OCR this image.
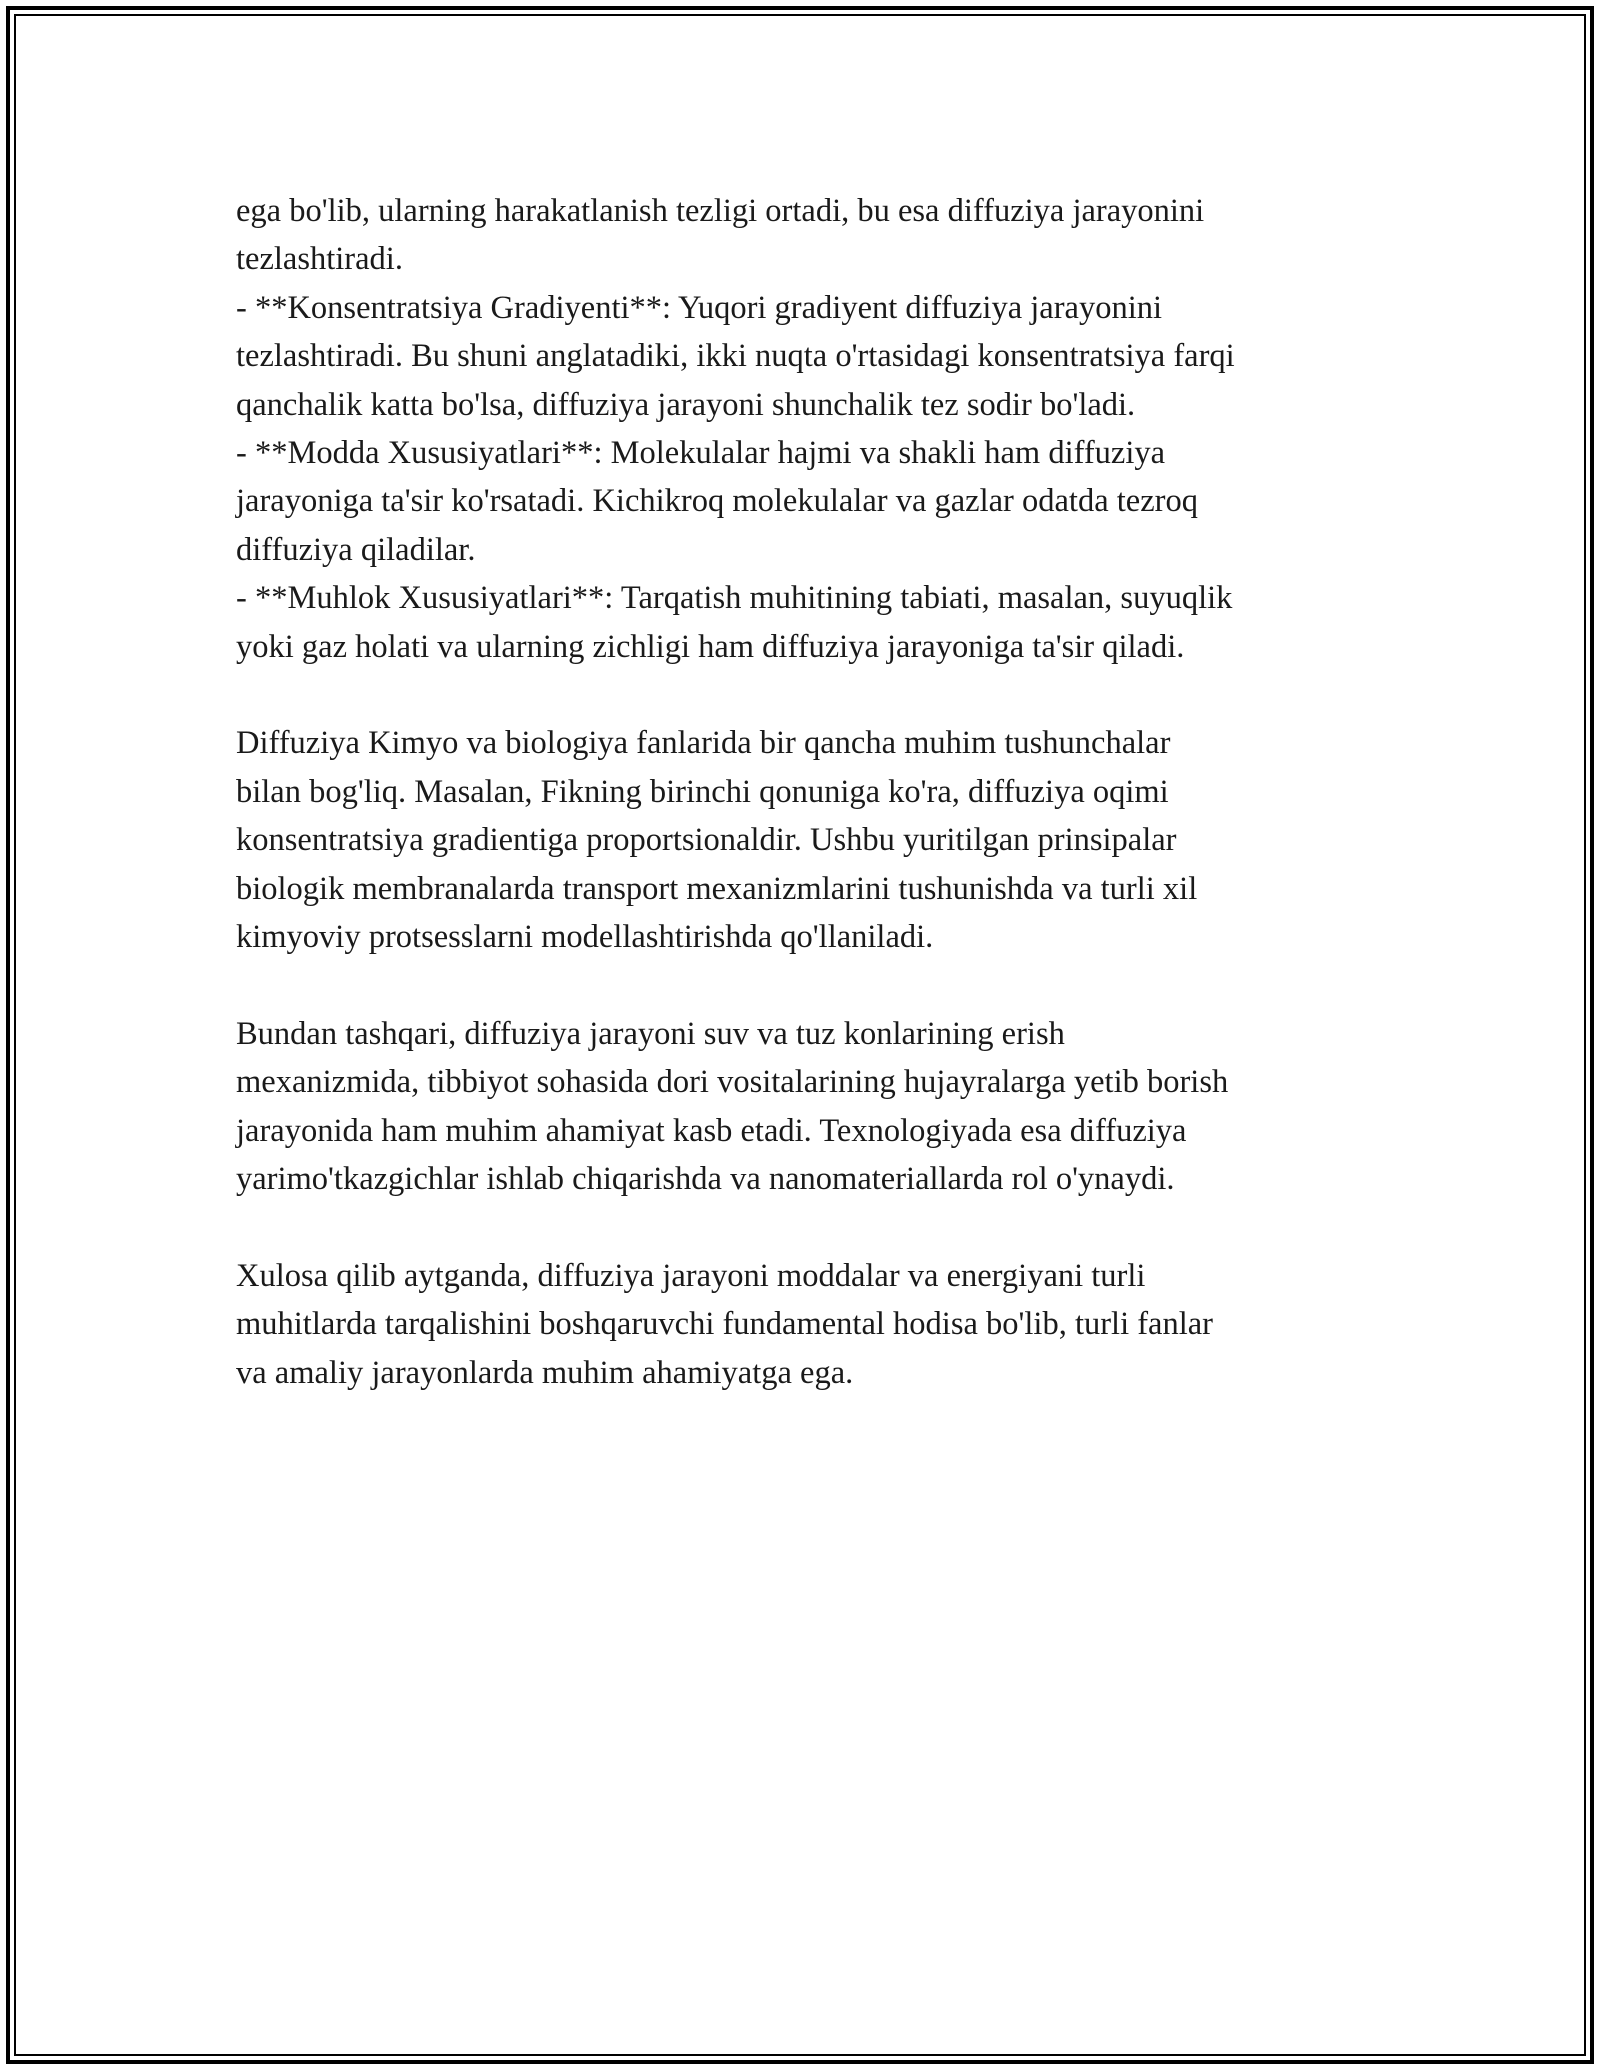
ega bo'lib, ularning harakatlanish tezligi ortadi, bu esa diffuziya jarayonini
tezlashtiradi.
- **Konsentratsiya Gradiyenti**: Yuqori gradiyent diffuziya jarayonini
tezlashtiradi. Bu shuni anglatadiki, ikki nuqta o'rtasidagi konsentratsiya farqi
qanchalik katta bo'lsa, diffuziya jarayoni shunchalik tez sodir bo'ladi.
- **Modda Xususiyatlari**: Molekulalar hajmi va shakli ham diffuziya
jarayoniga ta'sir ko'rsatadi. Kichikroq molekulalar va gazlar odatda tezroq
diffuziya qiladilar.
- **Muhlok Xususiyatlari**: Tarqatish muhitining tabiati, masalan, suyuqlik
yoki gaz holati va ularning zichligi ham diffuziya jarayoniga ta'sir qiladi.
Diffuziya Kimyo va biologiya fanlarida bir qancha muhim tushunchalar
bilan bog'liq. Masalan, Fikning birinchi qonuniga ko'ra, diffuziya oqimi
konsentratsiya gradientiga proportsionaldir. Ushbu yuritilgan prinsipalar
biologik membranalarda transport mexanizmlarini tushunishda va turli xil
kimyoviy protsesslarni modellashtirishda qo'llaniladi.
Bundan tashqari, diffuziya jarayoni suv va tuz konlarining erish
mexanizmida, tibbiyot sohasida dori vositalarining hujayralarga yetib borish
jarayonida ham muhim ahamiyat kasb etadi. Texnologiyada esa diffuziya
yarimo'tkazgichlar ishlab chiqarishda va nanomateriallarda rol o'ynaydi.
Xulosa qilib aytganda, diffuziya jarayoni moddalar va energiyani turli
muhitlarda tarqalishini boshqaruvchi fundamental hodisa bo'lib, turli fanlar
va amaliy jarayonlarda muhim ahamiyatga ega.
